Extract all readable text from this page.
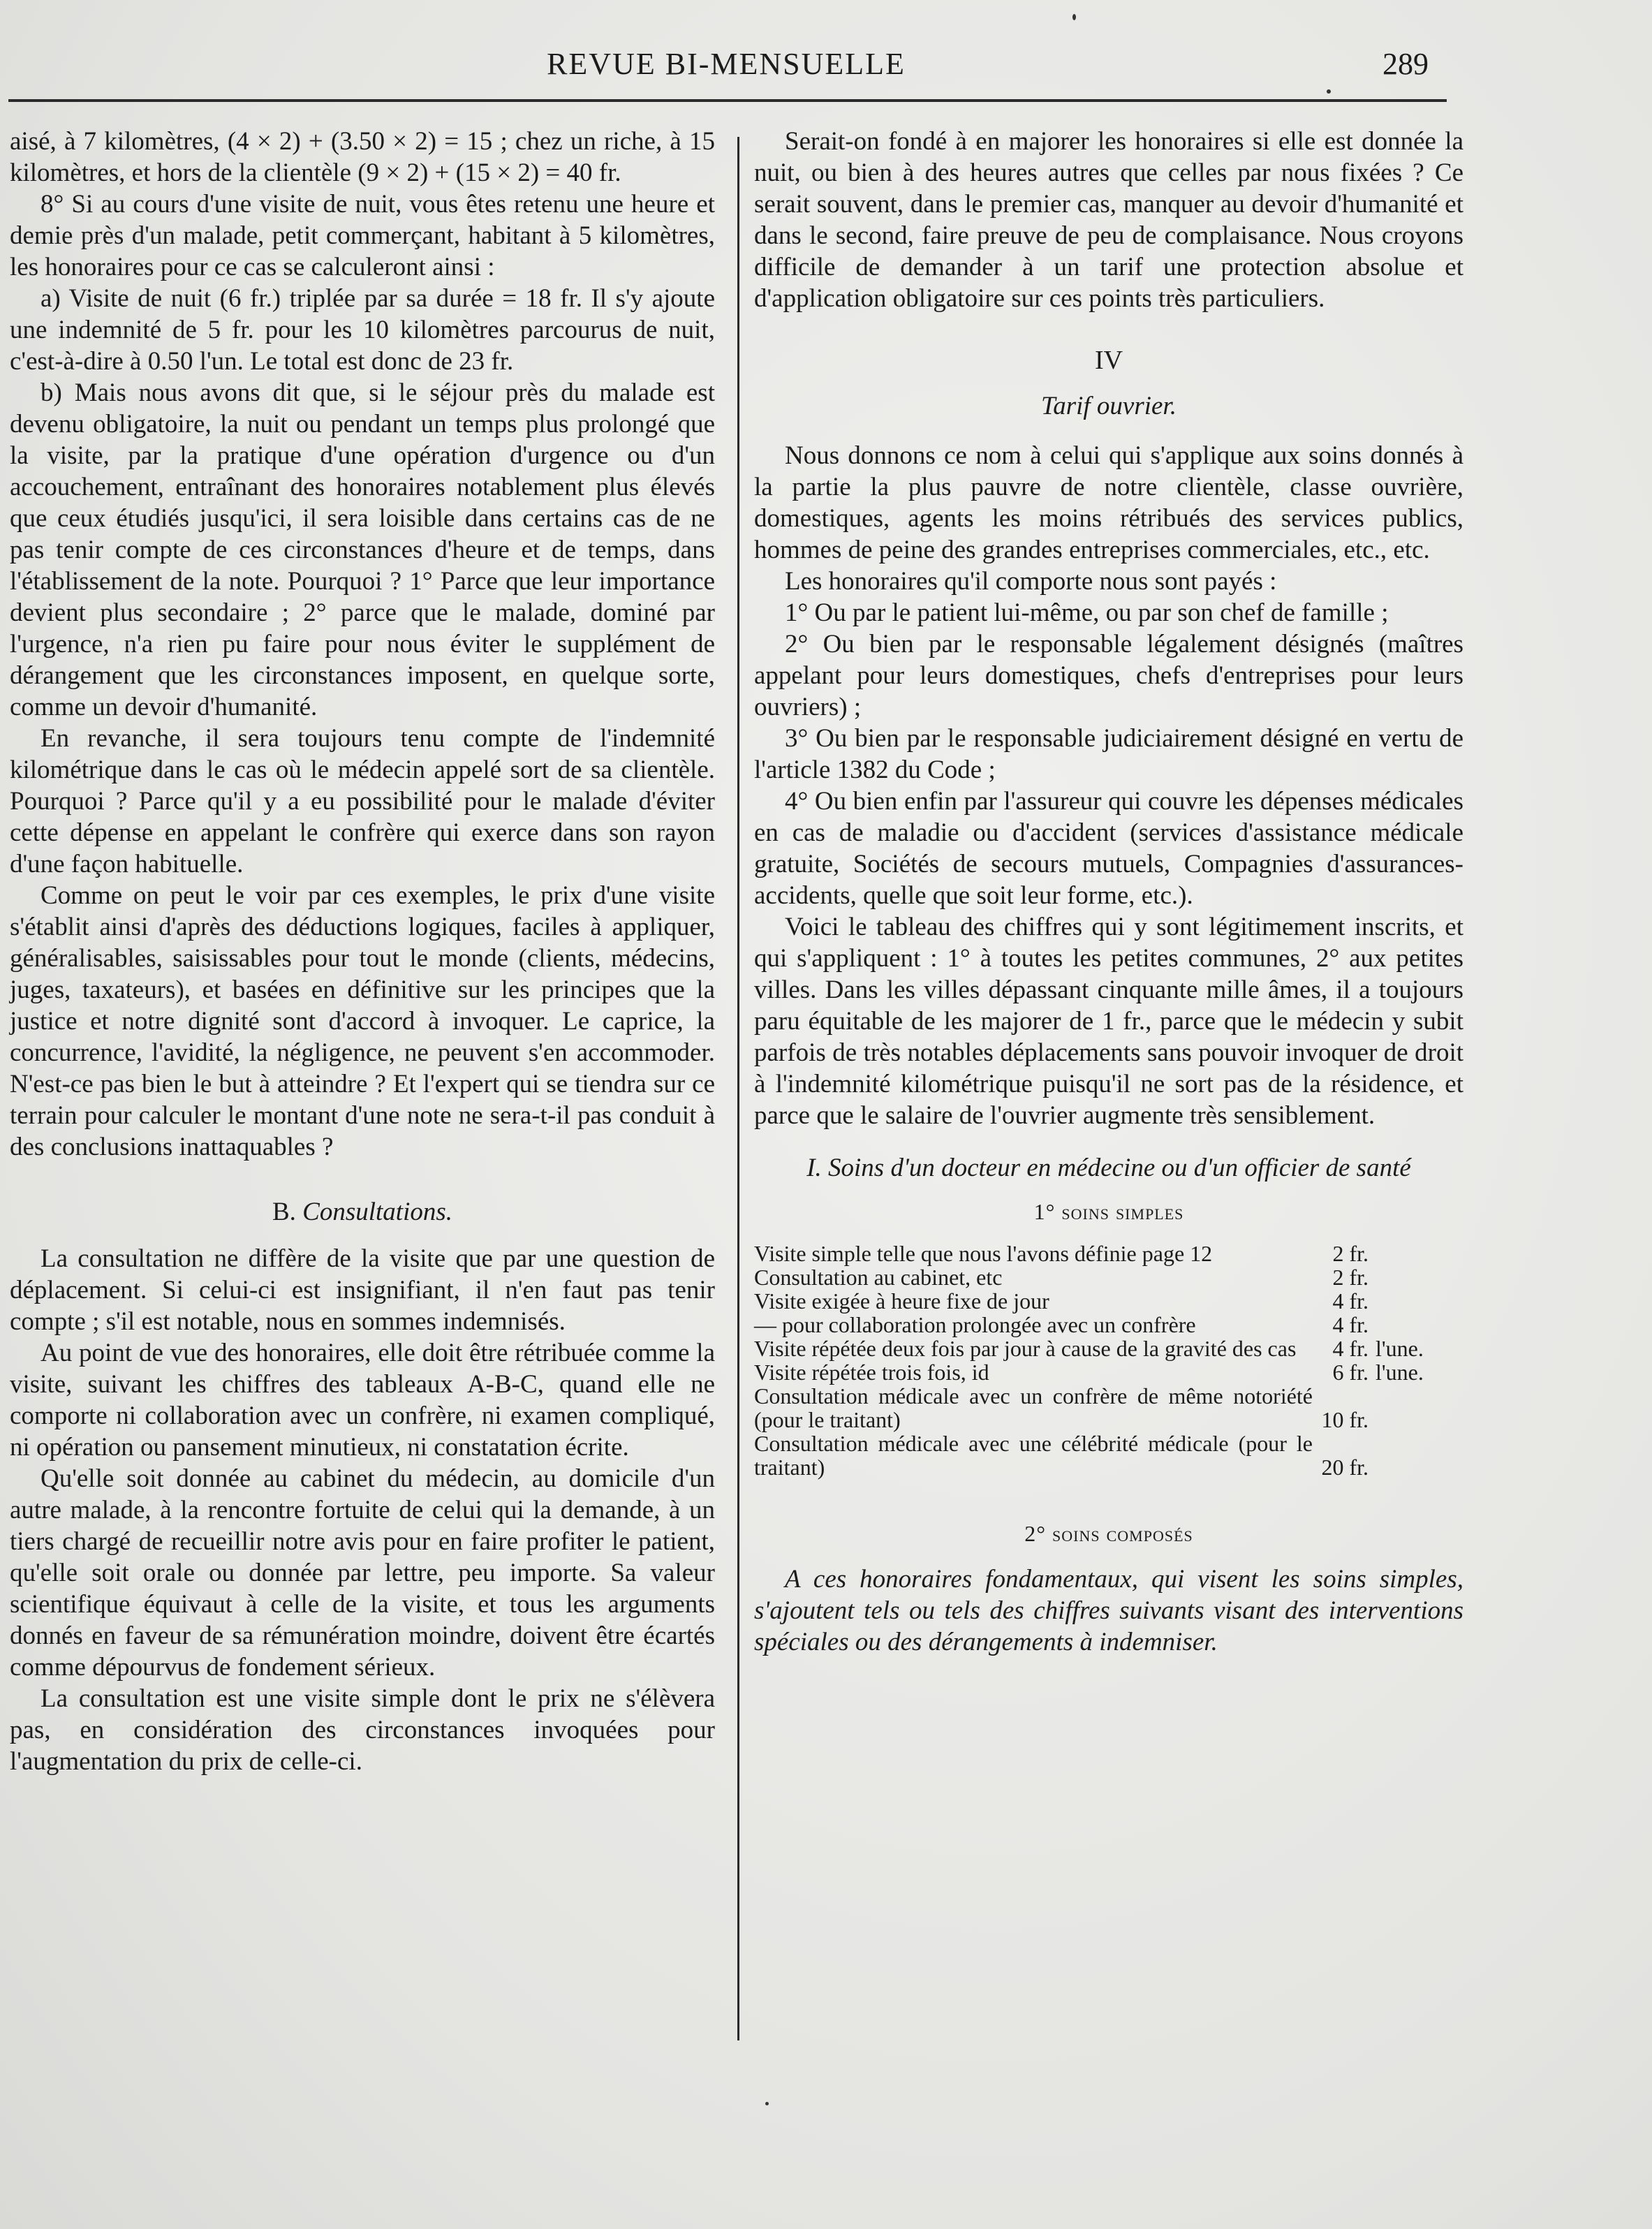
REVUE BI-MENSUELLE	289

aisé, à 7 kilomètres, (4 × 2) + (3.50 × 2) = 15 ; chez un riche, à 15 kilomètres, et hors de la clientèle (9 × 2) + (15 × 2) = 40 fr.

8° Si au cours d'une visite de nuit, vous êtes retenu une heure et demie près d'un malade, petit commerçant, habitant à 5 kilomètres, les honoraires pour ce cas se calculeront ainsi :

a) Visite de nuit (6 fr.) triplée par sa durée = 18 fr. Il s'y ajoute une indemnité de 5 fr. pour les 10 kilomètres parcourus de nuit, c'est-à-dire à 0.50 l'un. Le total est donc de 23 fr.

b) Mais nous avons dit que, si le séjour près du malade est devenu obligatoire, la nuit ou pendant un temps plus prolongé que la visite, par la pratique d'une opération d'urgence ou d'un accouchement, entraînant des honoraires notablement plus élevés que ceux étudiés jusqu'ici, il sera loisible dans certains cas de ne pas tenir compte de ces circonstances d'heure et de temps, dans l'établissement de la note. Pourquoi ? 1° Parce que leur importance devient plus secondaire ; 2° parce que le malade, dominé par l'urgence, n'a rien pu faire pour nous éviter le supplément de dérangement que les circonstances imposent, en quelque sorte, comme un devoir d'humanité.

En revanche, il sera toujours tenu compte de l'indemnité kilométrique dans le cas où le médecin appelé sort de sa clientèle. Pourquoi ? Parce qu'il y a eu possibilité pour le malade d'éviter cette dépense en appelant le confrère qui exerce dans son rayon d'une façon habituelle.

Comme on peut le voir par ces exemples, le prix d'une visite s'établit ainsi d'après des déductions logiques, faciles à appliquer, généralisables, saisissables pour tout le monde (clients, médecins, juges, taxateurs), et basées en définitive sur les principes que la justice et notre dignité sont d'accord à invoquer. Le caprice, la concurrence, l'avidité, la négligence, ne peuvent s'en accommoder. N'est-ce pas bien le but à atteindre ? Et l'expert qui se tiendra sur ce terrain pour calculer le montant d'une note ne sera-t-il pas conduit à des conclusions inattaquables ?

B. Consultations.

La consultation ne diffère de la visite que par une question de déplacement. Si celui-ci est insignifiant, il n'en faut pas tenir compte ; s'il est notable, nous en sommes indemnisés.

Au point de vue des honoraires, elle doit être rétribuée comme la visite, suivant les chiffres des tableaux A-B-C, quand elle ne comporte ni collaboration avec un confrère, ni examen compliqué, ni opération ou pansement minutieux, ni constatation écrite.

Qu'elle soit donnée au cabinet du médecin, au domicile d'un autre malade, à la rencontre fortuite de celui qui la demande, à un tiers chargé de recueillir notre avis pour en faire profiter le patient, qu'elle soit orale ou donnée par lettre, peu importe. Sa valeur scientifique équivaut à celle de la visite, et tous les arguments donnés en faveur de sa rémunération moindre, doivent être écartés comme dépourvus de fondement sérieux.

La consultation est une visite simple dont le prix ne s'élèvera pas, en considération des circonstances invoquées pour l'augmentation du prix de celle-ci.

Serait-on fondé à en majorer les honoraires si elle est donnée la nuit, ou bien à des heures autres que celles par nous fixées ? Ce serait souvent, dans le premier cas, manquer au devoir d'humanité et dans le second, faire preuve de peu de complaisance. Nous croyons difficile de demander à un tarif une protection absolue et d'application obligatoire sur ces points très particuliers.

IV
Tarif ouvrier.

Nous donnons ce nom à celui qui s'applique aux soins donnés à la partie la plus pauvre de notre clientèle, classe ouvrière, domestiques, agents les moins rétribués des services publics, hommes de peine des grandes entreprises commerciales, etc., etc.

Les honoraires qu'il comporte nous sont payés :

1° Ou par le patient lui-même, ou par son chef de famille ;

2° Ou bien par le responsable légalement désignés (maîtres appelant pour leurs domestiques, chefs d'entreprises pour leurs ouvriers) ;

3° Ou bien par le responsable judiciairement désigné en vertu de l'article 1382 du Code ;

4° Ou bien enfin par l'assureur qui couvre les dépenses médicales en cas de maladie ou d'accident (services d'assistance médicale gratuite, Sociétés de secours mutuels, Compagnies d'assurances-accidents, quelle que soit leur forme, etc.).

Voici le tableau des chiffres qui y sont légitimement inscrits, et qui s'appliquent : 1° à toutes les petites communes, 2° aux petites villes. Dans les villes dépassant cinquante mille âmes, il a toujours paru équitable de les majorer de 1 fr., parce que le médecin y subit parfois de très notables déplacements sans pouvoir invoquer de droit à l'indemnité kilométrique puisqu'il ne sort pas de la résidence, et parce que le salaire de l'ouvrier augmente très sensiblement.

I. Soins d'un docteur en médecine ou d'un officier de santé
1° soins simples
Visite simple telle que nous l'avons définie page 12	2 fr.
Consultation au cabinet, etc	2 fr.
Visite exigée à heure fixe de jour	4 fr.
— pour collaboration prolongée avec un confrère	4 fr.
Visite répétée deux fois par jour à cause de la gravité des cas	4 fr. l'une.
Visite répétée trois fois, id	6 fr. l'une.
Consultation médicale avec un confrère de même notoriété (pour le traitant)	10 fr.
Consultation médicale avec une célébrité médicale (pour le traitant)	20 fr.
2° soins composés

A ces honoraires fondamentaux, qui visent les soins simples, s'ajoutent tels ou tels des chiffres suivants visant des interventions spéciales ou des dérangements à indemniser.
